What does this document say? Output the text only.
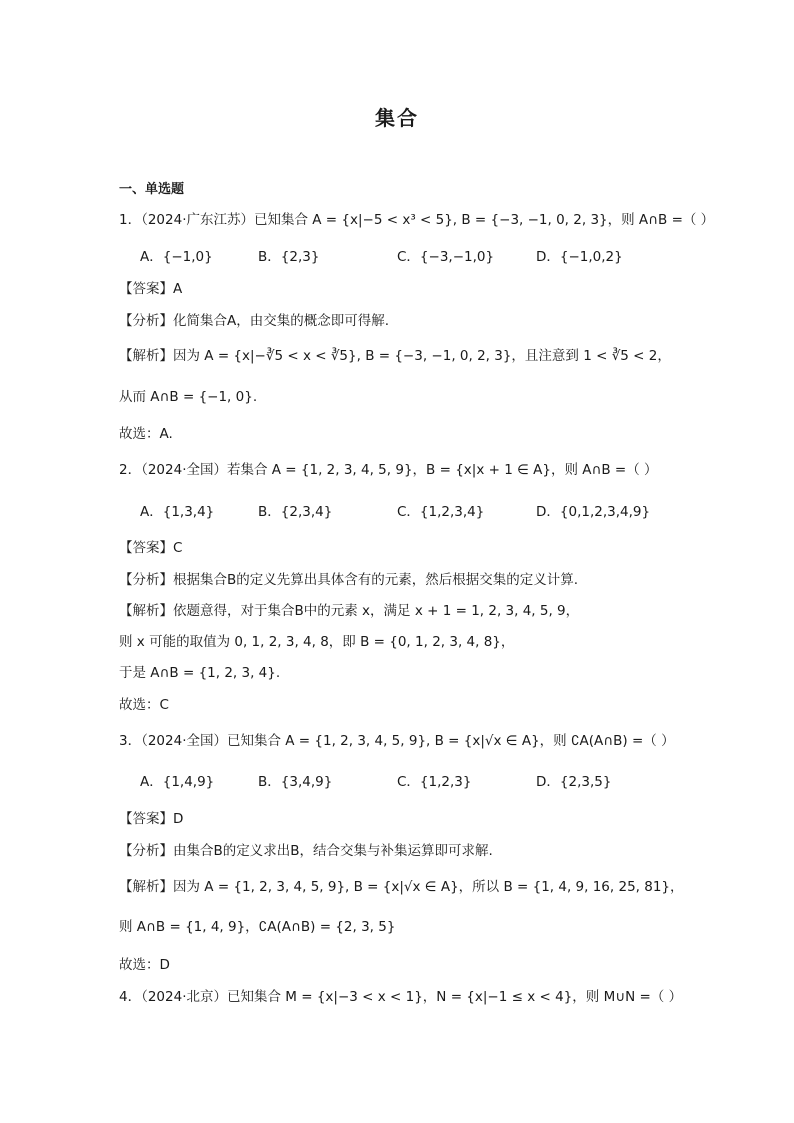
集合
一、单选题
1．（2024·广东江苏）已知集合 A = {x|−5 < x³ < 5}, B = {−3, −1, 0, 2, 3}，则 A∩B =（ ）
A．{−1,0}	B．{2,3}	C．{−3,−1,0}	D．{−1,0,2}
【答案】A
【分析】化简集合A，由交集的概念即可得解.
【解析】因为 A = {x|−∛5 < x < ∛5}, B = {−3, −1, 0, 2, 3}，且注意到 1 < ∛5 < 2，
从而 A∩B = {−1, 0}.
故选：A.
2．（2024·全国）若集合 A = {1, 2, 3, 4, 5, 9}，B = {x|x + 1 ∈ A}，则 A∩B =（ ）
A．{1,3,4}	B．{2,3,4}	C．{1,2,3,4}	D．{0,1,2,3,4,9}
【答案】C
【分析】根据集合B的定义先算出具体含有的元素，然后根据交集的定义计算.
【解析】依题意得，对于集合B中的元素 x，满足 x + 1 = 1, 2, 3, 4, 5, 9，
则 x 可能的取值为 0, 1, 2, 3, 4, 8，即 B = {0, 1, 2, 3, 4, 8}，
于是 A∩B = {1, 2, 3, 4}.
故选：C
3．（2024·全国）已知集合 A = {1, 2, 3, 4, 5, 9}, B = {x|√x ∈ A}，则 ∁A(A∩B) =（ ）
A．{1,4,9}	B．{3,4,9}	C．{1,2,3}	D．{2,3,5}
【答案】D
【分析】由集合B的定义求出B，结合交集与补集运算即可求解.
【解析】因为 A = {1, 2, 3, 4, 5, 9}, B = {x|√x ∈ A}，所以 B = {1, 4, 9, 16, 25, 81}，
则 A∩B = {1, 4, 9}，∁A(A∩B) = {2, 3, 5}
故选：D
4．（2024·北京）已知集合 M = {x|−3 < x < 1}，N = {x|−1 ≤ x < 4}，则 M∪N =（ ）
